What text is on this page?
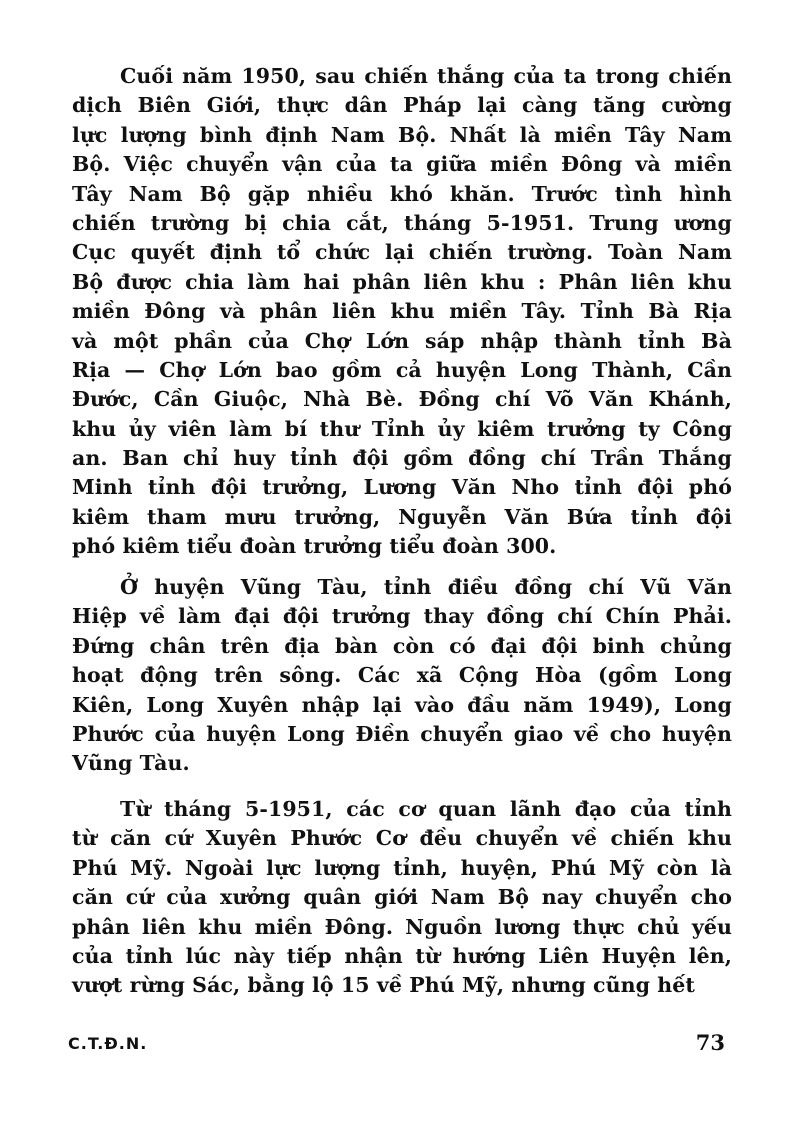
Cuối năm 1950, sau chiến thắng của ta trong chiến
dịch Biên Giới, thực dân Pháp lại càng tăng cường
lực lượng bình định Nam Bộ. Nhất là miền Tây Nam
Bộ. Việc chuyển vận của ta giữa miền Đông và miền
Tây Nam Bộ gặp nhiều khó khăn. Trước tình hình
chiến trường bị chia cắt, tháng 5-1951. Trung ương
Cục quyết định tổ chức lại chiến trường. Toàn Nam
Bộ được chia làm hai phân liên khu : Phân liên khu
miền Đông và phân liên khu miền Tây. Tỉnh Bà Rịa
và một phần của Chợ Lớn sáp nhập thành tỉnh Bà
Rịa — Chợ Lớn bao gồm cả huyện Long Thành, Cần
Đước, Cần Giuộc, Nhà Bè. Đồng chí Võ Văn Khánh,
khu ủy viên làm bí thư Tỉnh ủy kiêm trưởng ty Công
an. Ban chỉ huy tỉnh đội gồm đồng chí Trần Thắng
Minh tỉnh đội trưởng, Lương Văn Nho tỉnh đội phó
kiêm tham mưu trưởng, Nguyễn Văn Bứa tỉnh đội
phó kiêm tiểu đoàn trưởng tiểu đoàn 300.
Ở huyện Vũng Tàu, tỉnh điều đồng chí Vũ Văn
Hiệp về làm đại đội trưởng thay đồng chí Chín Phải.
Đứng chân trên địa bàn còn có đại đội binh chủng
hoạt động trên sông. Các xã Cộng Hòa (gồm Long
Kiên, Long Xuyên nhập lại vào đầu năm 1949), Long
Phước của huyện Long Điền chuyển giao về cho huyện
Vũng Tàu.
Từ tháng 5-1951, các cơ quan lãnh đạo của tỉnh
từ căn cứ Xuyên Phước Cơ đều chuyển về chiến khu
Phú Mỹ. Ngoài lực lượng tỉnh, huyện, Phú Mỹ còn là
căn cứ của xưởng quân giới Nam Bộ nay chuyển cho
phân liên khu miền Đông. Nguồn lương thực chủ yếu
của tỉnh lúc này tiếp nhận từ hướng Liên Huyện lên,
vượt rừng Sác, bằng lộ 15 về Phú Mỹ, nhưng cũng hết
C.T.Đ.N.	73
